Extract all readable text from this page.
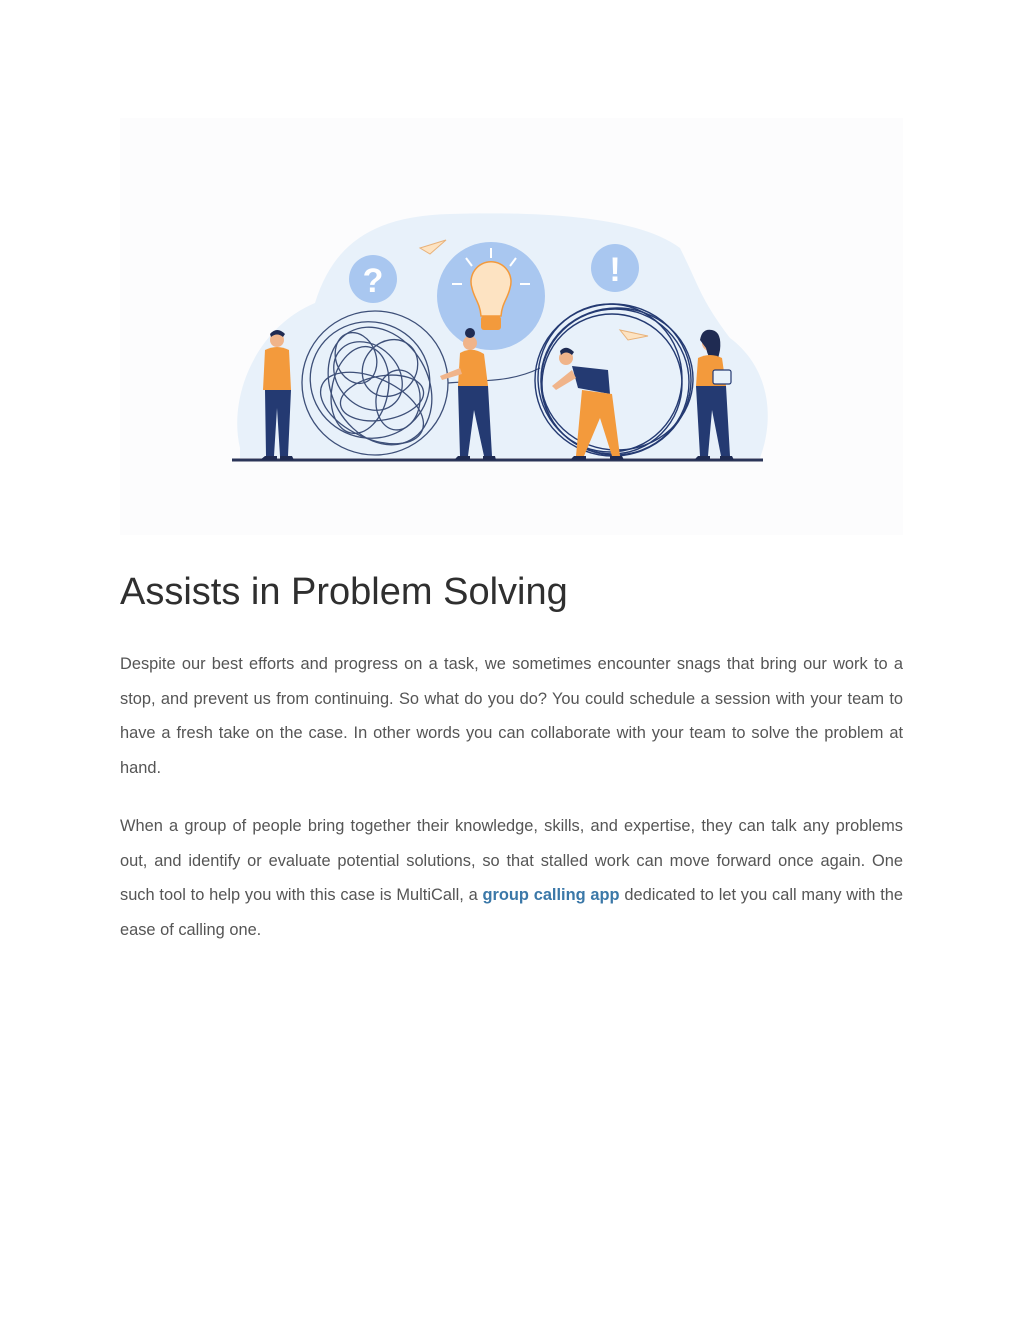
?	!
Assists in Problem Solving

Despite our best efforts and progress on a task, we sometimes encounter snags that bring our work to a stop, and prevent us from continuing. So what do you do? You could schedule a session with your team to have a fresh take on the case. In other words you can collaborate with your team to solve the problem at hand.

When a group of people bring together their knowledge, skills, and expertise, they can talk any problems out, and identify or evaluate potential solutions, so that stalled work can move forward once again. One such tool to help you with this case is MultiCall, a group calling app dedicated to let you call many with the ease of calling one.
